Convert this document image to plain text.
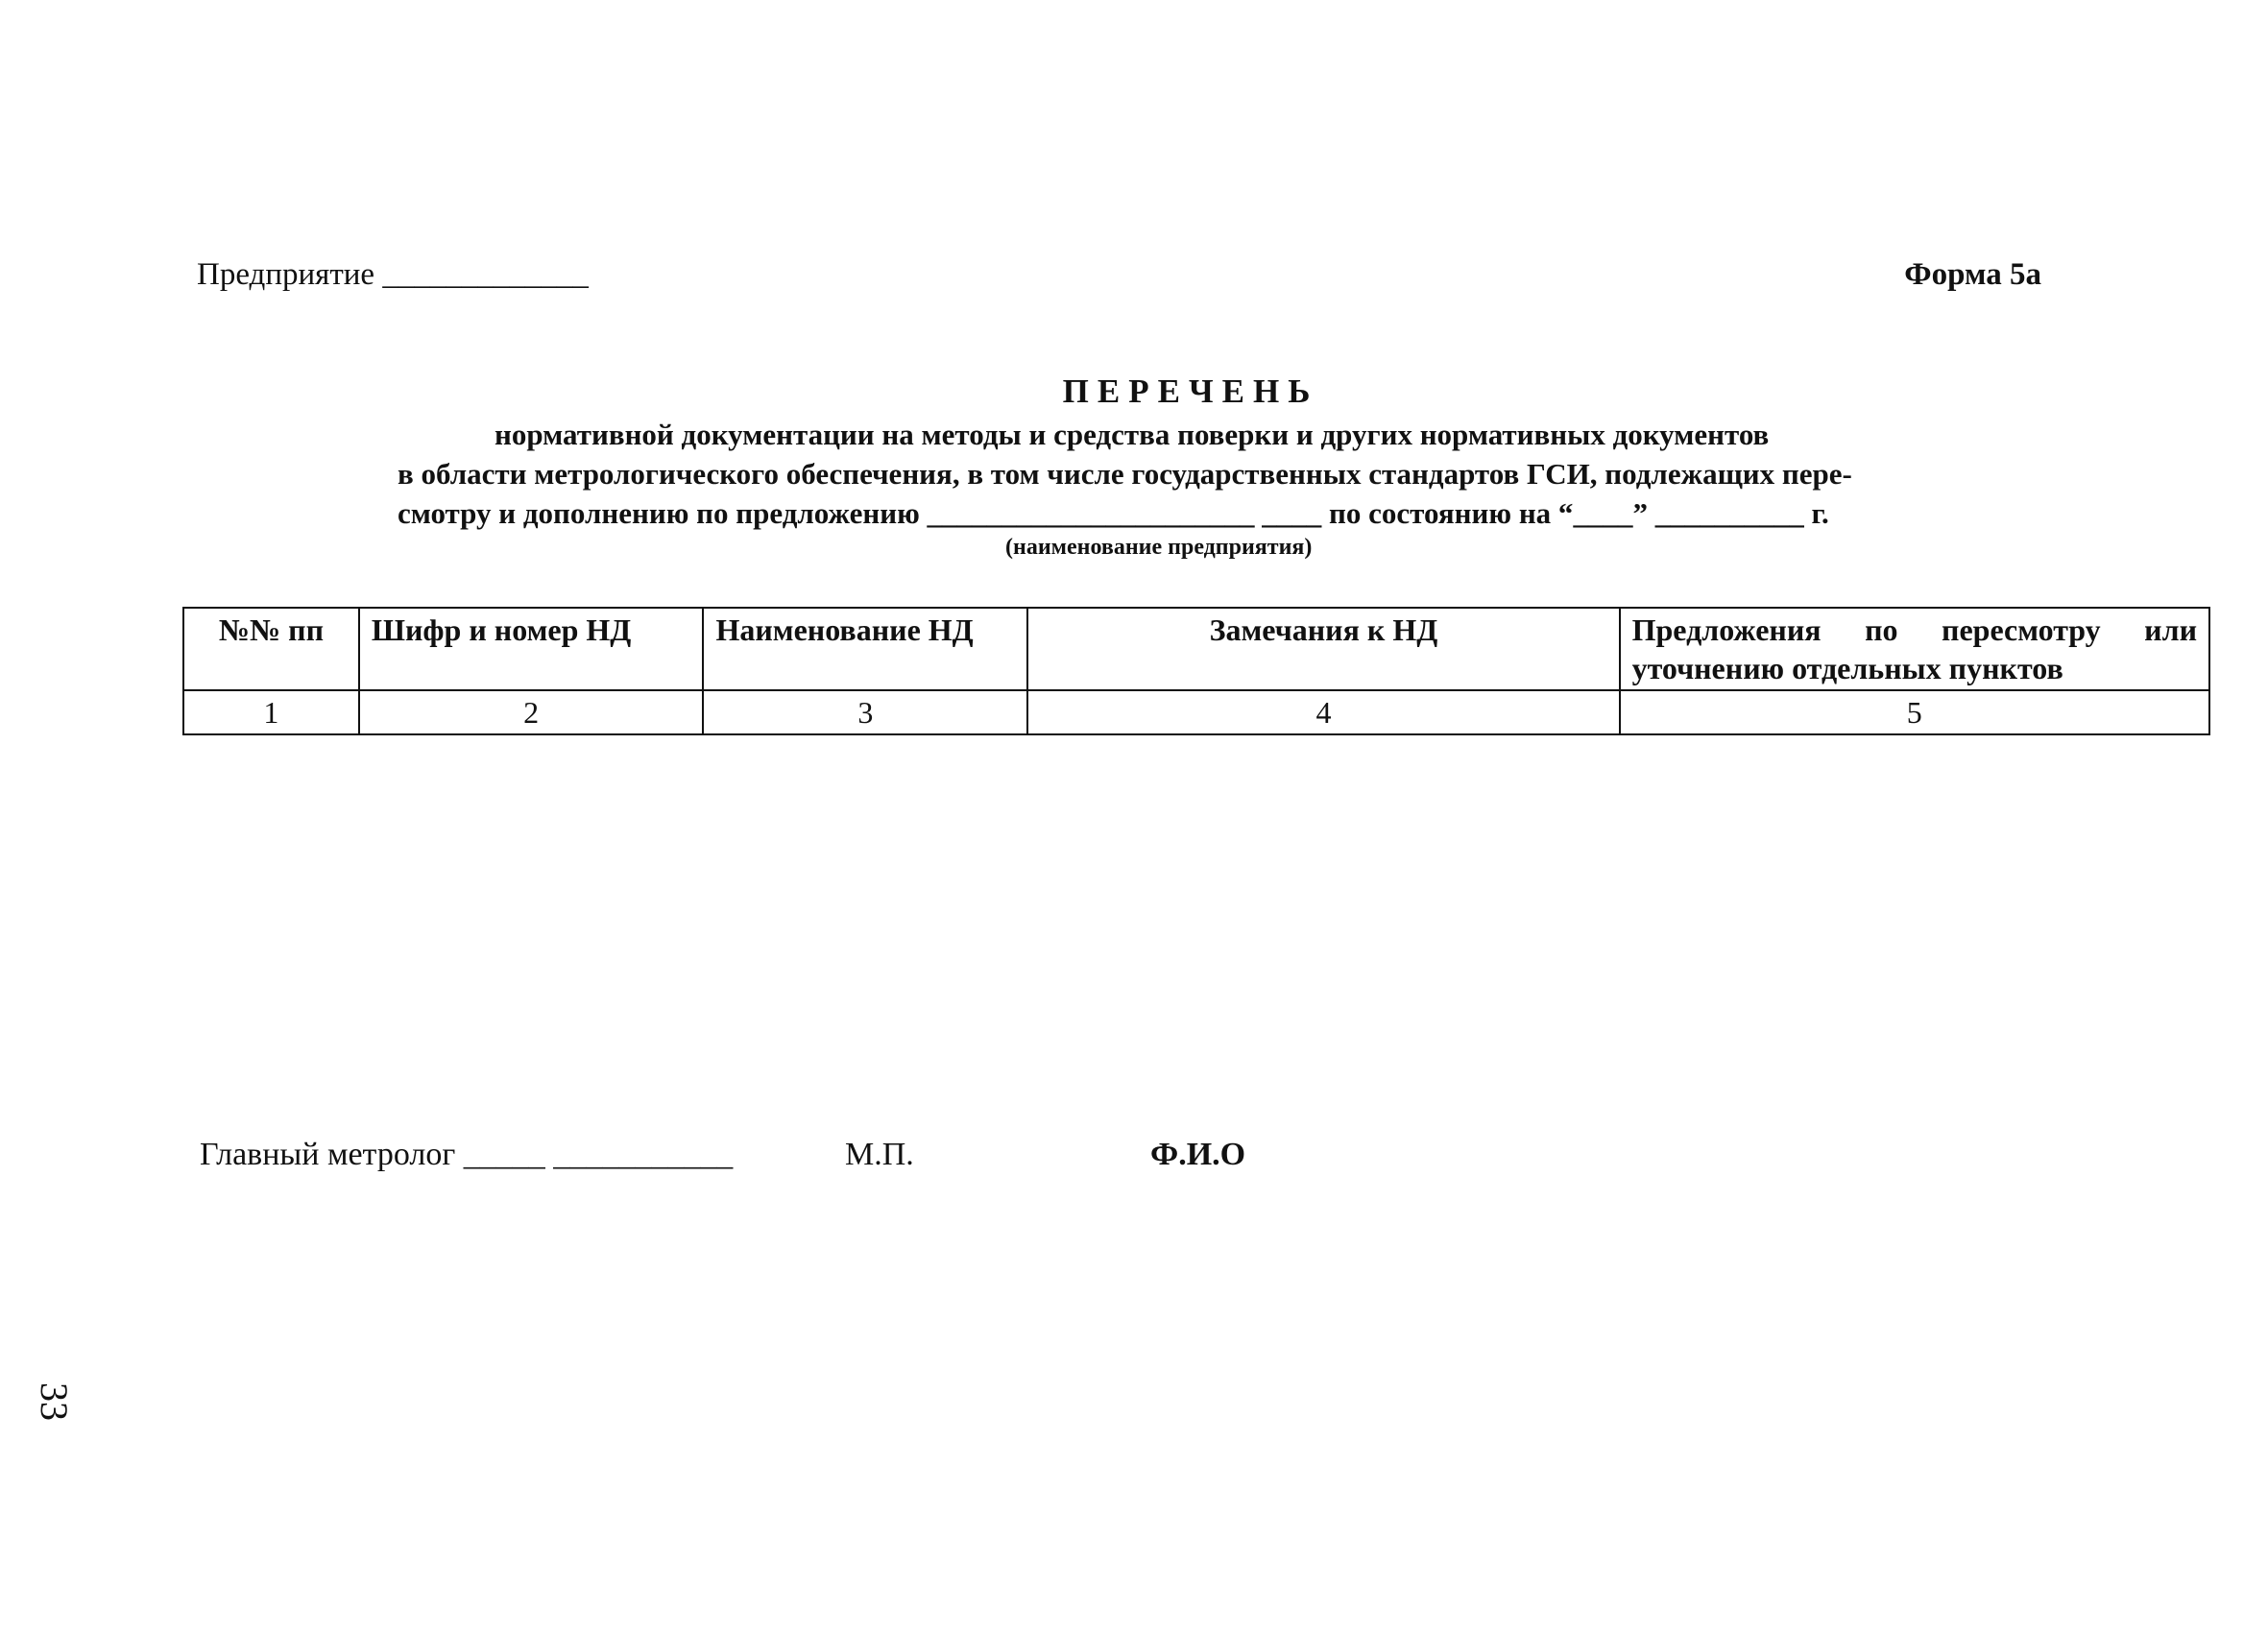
Предприятие _____________	Форма 5а
ПЕРЕЧЕНЬ
нормативной документации на методы и средства поверки и других нормативных документов
в области метрологического обеспечения, в том числе государственных стандартов ГСИ, подлежащих пере-
смотру и дополнению по предложению ______________________ ____ по состоянию на “____” __________ г.
(наименование предприятия)
№№ пп	Шифр и номер НД	Наименование НД	Замечания к НД	Предложения по пересмотру или
уточнению отдельных пунктов

1	2	3	4	5
Главный метролог _____ ___________	М.П.	Ф.И.О
33
